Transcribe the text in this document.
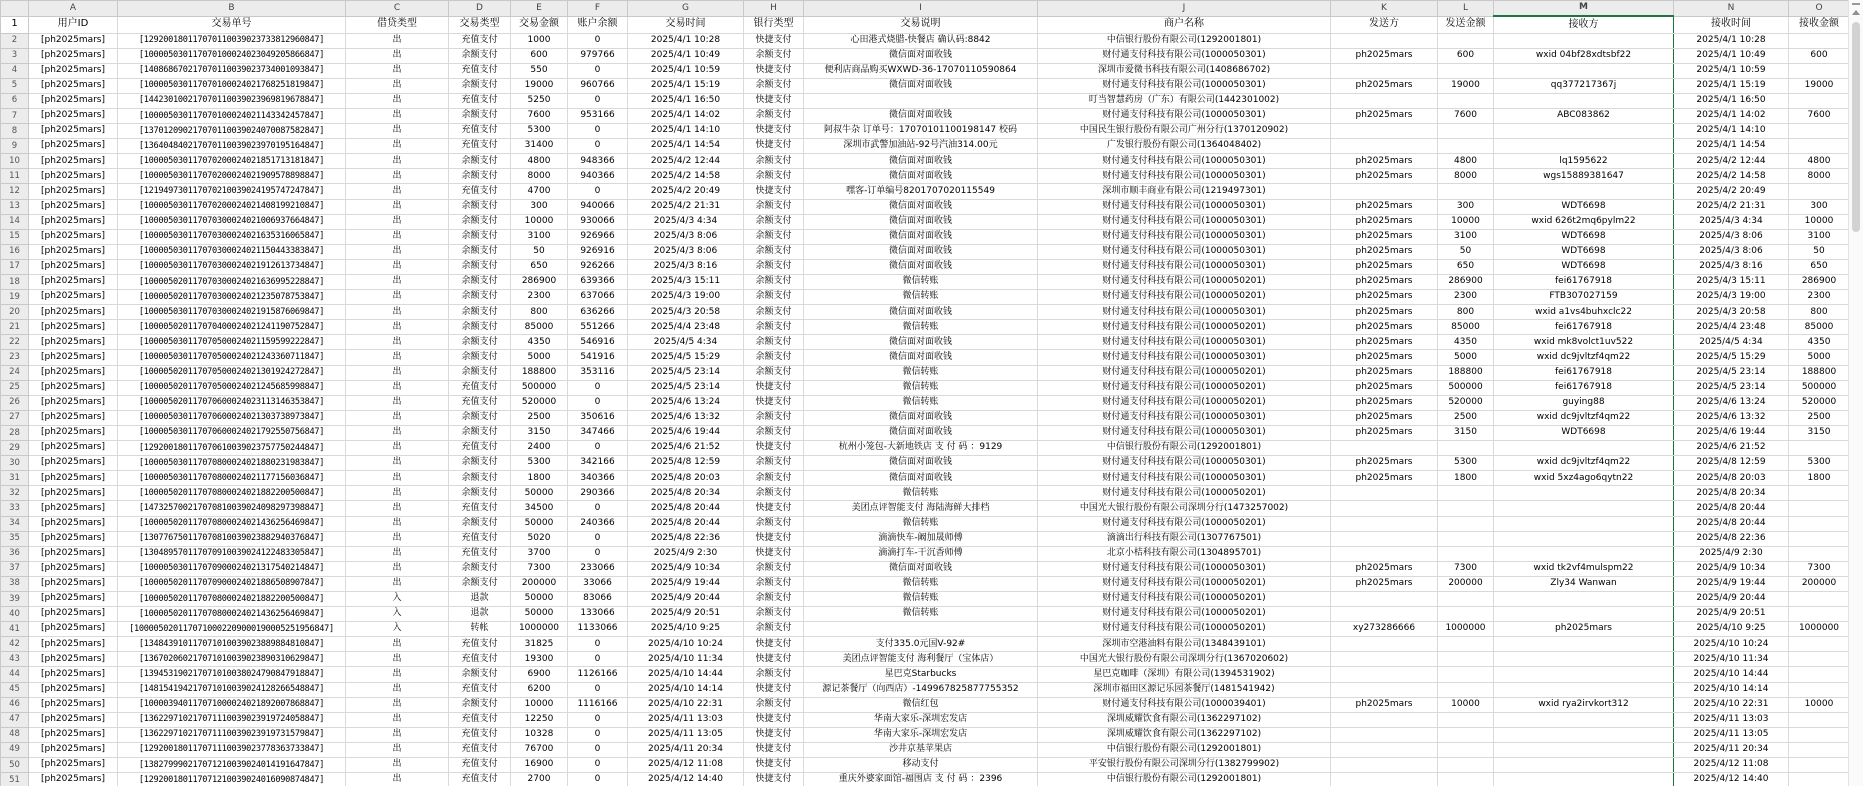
	A	B	C	D	E	F	G	H	I	J	K	L	M	N	O
1	用户ID	交易单号	借贷类型	交易类型	交易金额	账户余额	交易时间	银行类型	交易说明	商户名称	发送方	发送金额	接收方	接收时间	接收金额
2	[ph2025mars]	[129200180117070110039023733812960847]	出	充值支付	1000	0	2025/4/1 10:28	快捷支付	心田港式烧腊-快餐店 确认码:8842	中信银行股份有限公司(1292001801)				2025/4/1 10:28	
3	[ph2025mars]	[100005030117070100024023049205866847]	出	余额支付	600	979766	2025/4/1 10:49	余额支付	微信面对面收钱	财付通支付科技有限公司(1000050301)	ph2025mars	600	wxid 04bf28xdtsbf22	2025/4/1 10:49	600
4	[ph2025mars]	[140868670217070110039023734001093847]	出	充值支付	550	0	2025/4/1 10:59	快捷支付	便利店商品购买WXWD-36-17070110590864	深圳市爱微书科技有限公司(1408686702)				2025/4/1 10:59	
5	[ph2025mars]	[100005030117070100024021768251819847]	出	余额支付	19000	960766	2025/4/1 15:19	余额支付	微信面对面收钱	财付通支付科技有限公司(1000050301)	ph2025mars	19000	qq377217367j	2025/4/1 15:19	19000
6	[ph2025mars]	[144230100217070110039023969819678847]	出	充值支付	5250	0	2025/4/1 16:50	快捷支付		叮当智慧药房（广东）有限公司(1442301002)				2025/4/1 16:50	
7	[ph2025mars]	[100005030117070100024021143342457847]	出	余额支付	7600	953166	2025/4/1 14:02	余额支付	微信面对面收钱	财付通支付科技有限公司(1000050301)	ph2025mars	7600	ABC083862	2025/4/1 14:02	7600
8	[ph2025mars]	[137012090217070110039024070087582847]	出	充值支付	5300	0	2025/4/1 14:10	快捷支付	阿叔牛杂 订单号：17070101100198147 校码	中国民生银行股份有限公司广州分行(1370120902)				2025/4/1 14:10	
9	[ph2025mars]	[136404840217070110039023970195164847]	出	充值支付	31400	0	2025/4/1 14:54	快捷支付	深圳市武警加油站-92号汽油314.00元	广发银行股份有限公司(1364048402)				2025/4/1 14:54	
10	[ph2025mars]	[100005030117070200024021851713181847]	出	余额支付	4800	948366	2025/4/2 12:44	余额支付	微信面对面收钱	财付通支付科技有限公司(1000050301)	ph2025mars	4800	lq1595622	2025/4/2 12:44	4800
11	[ph2025mars]	[100005030117070200024021909578898847]	出	余额支付	8000	940366	2025/4/2 14:58	余额支付	微信面对面收钱	财付通支付科技有限公司(1000050301)	ph2025mars	8000	wgs15889381647	2025/4/2 14:58	8000
12	[ph2025mars]	[121949730117070210039024195747247847]	出	充值支付	4700	0	2025/4/2 20:49	快捷支付	嘿客-订单编号8201707020115549	深圳市顺丰商业有限公司(1219497301)				2025/4/2 20:49	
13	[ph2025mars]	[100005030117070200024021408199210847]	出	余额支付	300	940066	2025/4/2 21:31	余额支付	微信面对面收钱	财付通支付科技有限公司(1000050301)	ph2025mars	300	WDT6698	2025/4/2 21:31	300
14	[ph2025mars]	[100005030117070300024021006937664847]	出	余额支付	10000	930066	2025/4/3 4:34	余额支付	微信面对面收钱	财付通支付科技有限公司(1000050301)	ph2025mars	10000	wxid 626t2mq6pylm22	2025/4/3 4:34	10000
15	[ph2025mars]	[100005030117070300024021635316065847]	出	余额支付	3100	926966	2025/4/3 8:06	余额支付	微信面对面收钱	财付通支付科技有限公司(1000050301)	ph2025mars	3100	WDT6698	2025/4/3 8:06	3100
16	[ph2025mars]	[100005030117070300024021150443383847]	出	余额支付	50	926916	2025/4/3 8:06	余额支付	微信面对面收钱	财付通支付科技有限公司(1000050301)	ph2025mars	50	WDT6698	2025/4/3 8:06	50
17	[ph2025mars]	[100005030117070300024021912613734847]	出	余额支付	650	926266	2025/4/3 8:16	余额支付	微信面对面收钱	财付通支付科技有限公司(1000050301)	ph2025mars	650	WDT6698	2025/4/3 8:16	650
18	[ph2025mars]	[100005020117070300024021636995228847]	出	余额支付	286900	639366	2025/4/3 15:11	余额支付	微信转账	财付通支付科技有限公司(1000050201)	ph2025mars	286900	fei61767918	2025/4/3 15:11	286900
19	[ph2025mars]	[100005020117070300024021235078753847]	出	余额支付	2300	637066	2025/4/3 19:00	余额支付	微信转账	财付通支付科技有限公司(1000050201)	ph2025mars	2300	FTB307027159	2025/4/3 19:00	2300
20	[ph2025mars]	[100005030117070300024021915876069847]	出	余额支付	800	636266	2025/4/3 20:58	余额支付	微信面对面收钱	财付通支付科技有限公司(1000050301)	ph2025mars	800	wxid a1vs4buhxclc22	2025/4/3 20:58	800
21	[ph2025mars]	[100005020117070400024021241190752847]	出	余额支付	85000	551266	2025/4/4 23:48	余额支付	微信转账	财付通支付科技有限公司(1000050201)	ph2025mars	85000	fei61767918	2025/4/4 23:48	85000
22	[ph2025mars]	[100005030117070500024021159599222847]	出	余额支付	4350	546916	2025/4/5 4:34	余额支付	微信面对面收钱	财付通支付科技有限公司(1000050301)	ph2025mars	4350	wxid mk8volct1uv522	2025/4/5 4:34	4350
23	[ph2025mars]	[100005030117070500024021243360711847]	出	余额支付	5000	541916	2025/4/5 15:29	余额支付	微信面对面收钱	财付通支付科技有限公司(1000050301)	ph2025mars	5000	wxid dc9jvltzf4qm22	2025/4/5 15:29	5000
24	[ph2025mars]	[100005020117070500024021301924272847]	出	余额支付	188800	353116	2025/4/5 23:14	余额支付	微信转账	财付通支付科技有限公司(1000050201)	ph2025mars	188800	fei61767918	2025/4/5 23:14	188800
25	[ph2025mars]	[100005020117070500024021245685998847]	出	充值支付	500000	0	2025/4/5 23:14	快捷支付	微信转账	财付通支付科技有限公司(1000050201)	ph2025mars	500000	fei61767918	2025/4/5 23:14	500000
26	[ph2025mars]	[100005020117070600024023113146353847]	出	充值支付	520000	0	2025/4/6 13:24	快捷支付	微信转账	财付通支付科技有限公司(1000050201)	ph2025mars	520000	guying88	2025/4/6 13:24	520000
27	[ph2025mars]	[100005030117070600024021303738973847]	出	余额支付	2500	350616	2025/4/6 13:32	余额支付	微信面对面收钱	财付通支付科技有限公司(1000050301)	ph2025mars	2500	wxid dc9jvltzf4qm22	2025/4/6 13:32	2500
28	[ph2025mars]	[100005030117070600024021792550756847]	出	余额支付	3150	347466	2025/4/6 19:44	余额支付	微信面对面收钱	财付通支付科技有限公司(1000050301)	ph2025mars	3150	WDT6698	2025/4/6 19:44	3150
29	[ph2025mars]	[129200180117070610039023757750244847]	出	充值支付	2400	0	2025/4/6 21:52	快捷支付	杭州小笼包-大新地铁店 支 付 码 ：9129	中信银行股份有限公司(1292001801)				2025/4/6 21:52	
30	[ph2025mars]	[100005030117070800024021880231983847]	出	余额支付	5300	342166	2025/4/8 12:59	余额支付	微信面对面收钱	财付通支付科技有限公司(1000050301)	ph2025mars	5300	wxid dc9jvltzf4qm22	2025/4/8 12:59	5300
31	[ph2025mars]	[100005030117070800024021177156036847]	出	余额支付	1800	340366	2025/4/8 20:03	余额支付	微信面对面收钱	财付通支付科技有限公司(1000050301)	ph2025mars	1800	wxid 5xz4ago6qytn22	2025/4/8 20:03	1800
32	[ph2025mars]	[100005020117070800024021882200500847]	出	余额支付	50000	290366	2025/4/8 20:34	余额支付	微信转账	财付通支付科技有限公司(1000050201)				2025/4/8 20:34	
33	[ph2025mars]	[147325700217070810039024098297398847]	出	充值支付	34500	0	2025/4/8 20:44	快捷支付	美团点评智能支付 海陆海鲜大排档	中国光大银行股份有限公司深圳分行(1473257002)				2025/4/8 20:44	
34	[ph2025mars]	[100005020117070800024021436256469847]	出	余额支付	50000	240366	2025/4/8 20:44	余额支付	微信转账	财付通支付科技有限公司(1000050201)				2025/4/8 20:44	
35	[ph2025mars]	[130776750117070810039023882940376847]	出	充值支付	5020	0	2025/4/8 22:36	快捷支付	滴滴快车-阚加晟师傅	滴滴出行科技有限公司(1307767501)				2025/4/8 22:36	
36	[ph2025mars]	[130489570117070910039024122483305847]	出	充值支付	3700	0	2025/4/9 2:30	快捷支付	滴滴打车-干沉香师傅	北京小桔科技有限公司(1304895701)				2025/4/9 2:30	
37	[ph2025mars]	[100005030117070900024021317540214847]	出	余额支付	7300	233066	2025/4/9 10:34	余额支付	微信面对面收钱	财付通支付科技有限公司(1000050301)	ph2025mars	7300	wxid tk2vf4mulspm22	2025/4/9 10:34	7300
38	[ph2025mars]	[100005020117070900024021886508907847]	出	余额支付	200000	33066	2025/4/9 19:44	余额支付	微信转账	财付通支付科技有限公司(1000050201)	ph2025mars	200000	Zly34 Wanwan	2025/4/9 19:44	200000
39	[ph2025mars]	[100005020117070800024021882200500847]	入	退款	50000	83066	2025/4/9 20:44	余额支付	微信转账	财付通支付科技有限公司(1000050201)				2025/4/9 20:44	
40	[ph2025mars]	[100005020117070800024021436256469847]	入	退款	50000	133066	2025/4/9 20:51	余额支付	微信转账	财付通支付科技有限公司(1000050201)				2025/4/9 20:51	
41	[ph2025mars]	[1000050201170710002209000190005251956847]	入	转帐	1000000	1133066	2025/4/10 9:25	余额支付		财付通支付科技有限公司(1000050201)	xy273286666	1000000	ph2025mars	2025/4/10 9:25	1000000
42	[ph2025mars]	[134843910117071010039023889884810847]	出	充值支付	31825	0	2025/4/10 10:24	快捷支付	支付335.0元国V-92#	深圳市空港油料有限公司(1348439101)				2025/4/10 10:24	
43	[ph2025mars]	[136702060217071010039023890310629847]	出	充值支付	19300	0	2025/4/10 11:34	快捷支付	美团点评智能支付 海利餐厅（宝体店）	中国光大银行股份有限公司深圳分行(1367020602)				2025/4/10 11:34	
44	[ph2025mars]	[139453190217071010038024790847918847]	出	余额支付	6900	1126166	2025/4/10 14:44	余额支付	星巴克Starbucks	星巴克咖啡（深圳）有限公司(1394531902)				2025/4/10 14:44	
45	[ph2025mars]	[148154194217071010039024128266548847]	出	充值支付	6200	0	2025/4/10 14:14	快捷支付	源记茶餐厅（向西店）-149967825877755352	深圳市福田区源记乐园茶餐厅(1481541942)				2025/4/10 14:14	
46	[ph2025mars]	[100003940117071000024021892007868847]	出	余额支付	10000	1116166	2025/4/10 22:31	余额支付	微信红包	财付通支付科技有限公司(1000039401)	ph2025mars	10000	wxid rya2irvkort312	2025/4/10 22:31	10000
47	[ph2025mars]	[136229710217071110039023919724058847]	出	充值支付	12250	0	2025/4/11 13:03	快捷支付	华南大家乐-深圳宏发店	深圳威耀饮食有限公司(1362297102)				2025/4/11 13:03	
48	[ph2025mars]	[136229710217071110039023919731579847]	出	充值支付	10328	0	2025/4/11 13:05	快捷支付	华南大家乐-深圳宏发店	深圳威耀饮食有限公司(1362297102)				2025/4/11 13:05	
49	[ph2025mars]	[129200180117071110039023778363733847]	出	充值支付	76700	0	2025/4/11 20:34	快捷支付	沙井京基苹果店	中信银行股份有限公司(1292001801)				2025/4/11 20:34	
50	[ph2025mars]	[138279990217071210039024014191647847]	出	充值支付	16900	0	2025/4/12 11:08	快捷支付	移动支付	平安银行股份有限公司深圳分行(1382799902)				2025/4/12 11:08	
51	[ph2025mars]	[129200180117071210039024016090874847]	出	充值支付	2700	0	2025/4/12 14:40	快捷支付	重庆外婆家面馆-福围店 支 付 码 ：2396	中信银行股份有限公司(1292001801)				2025/4/12 14:40	
